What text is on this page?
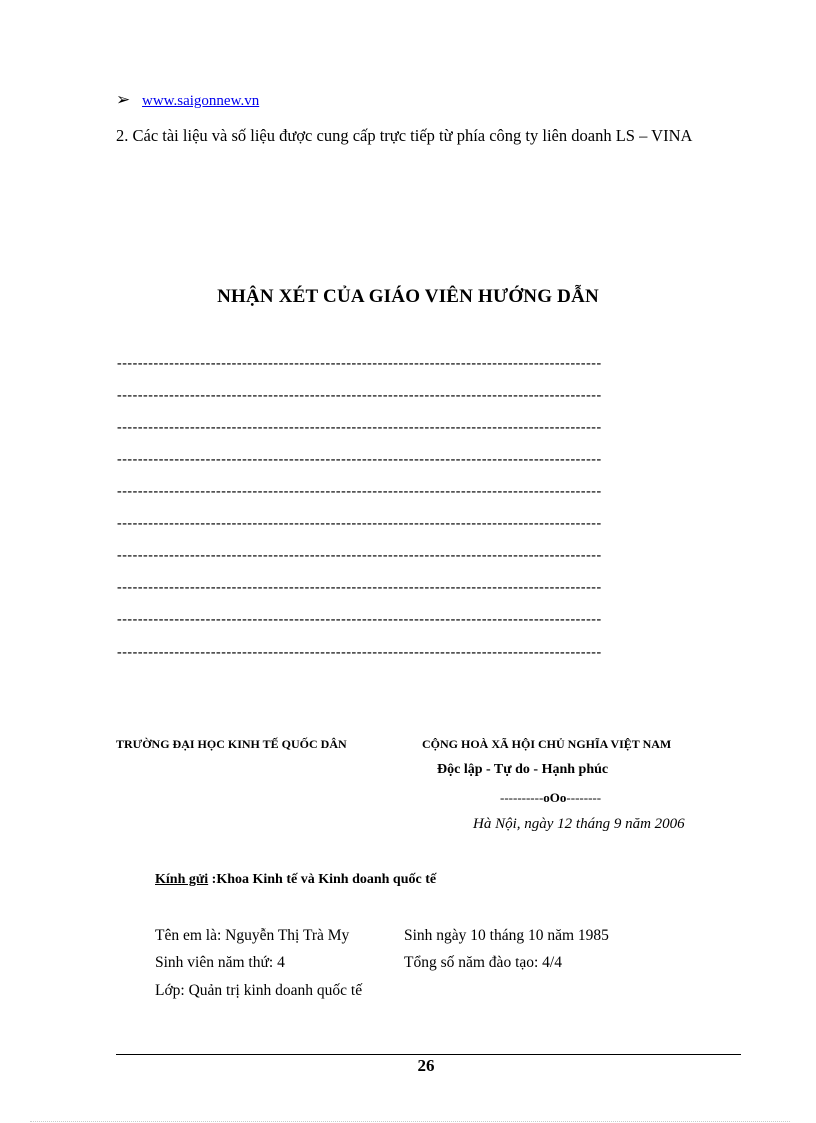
➢ www.saigonnew.vn
2. Các tài liệu và số liệu được cung cấp trực tiếp từ phía công ty liên doanh LS – VINA
NHẬN XÉT CỦA GIÁO VIÊN HƯỚNG DẪN
---------------------------------------------------------------------------------------------
---------------------------------------------------------------------------------------------
---------------------------------------------------------------------------------------------
---------------------------------------------------------------------------------------------
---------------------------------------------------------------------------------------------
---------------------------------------------------------------------------------------------
---------------------------------------------------------------------------------------------
---------------------------------------------------------------------------------------------
---------------------------------------------------------------------------------------------
---------------------------------------------------------------------------------------------
TRƯỜNG ĐẠI HỌC KINH TẾ QUỐC DÂN	CỘNG HOÀ XÃ HỘI CHỦ NGHĨA VIỆT NAM
Độc lập - Tự do - Hạnh phúc
----------oOo--------
Hà Nội, ngày 12 tháng 9 năm 2006
Kính gửi :Khoa Kinh tế và Kinh doanh quốc tế
Tên em là: Nguyễn Thị Trà My	Sinh ngày 10 tháng 10 năm 1985
Sinh viên năm thứ: 4	Tổng số năm đào tạo: 4/4
Lớp: Quản trị kinh doanh quốc tế
26
